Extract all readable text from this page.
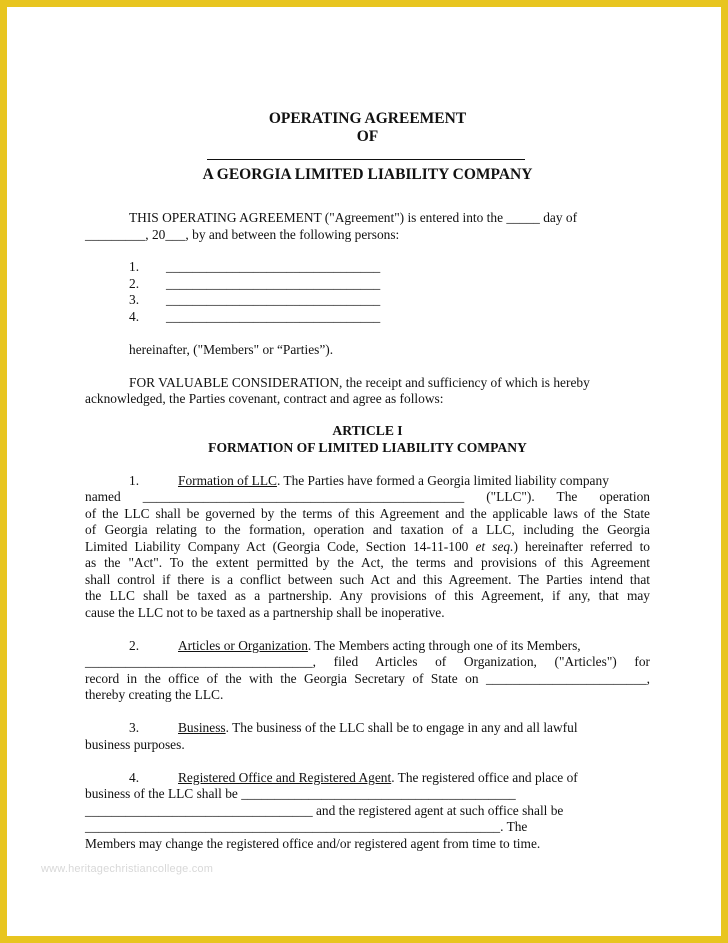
OPERATING AGREEMENT
OF
A GEORGIA LIMITED LIABILITY COMPANY
THIS OPERATING AGREEMENT ("Agreement") is entered into the _____ day of
_________, 20___, by and between the following persons:
1. ________________________________
2. ________________________________
3. ________________________________
4. ________________________________
hereinafter, ("Members" or “Parties”).
FOR VALUABLE CONSIDERATION, the receipt and sufficiency of which is hereby
acknowledged, the Parties covenant, contract and agree as follows:
ARTICLE I
FORMATION OF LIMITED LIABILITY COMPANY
1.	Formation of LLC. The Parties have formed a Georgia limited liability company
named ________________________________________________ ("LLC"). The operation
of the LLC shall be governed by the terms of this Agreement and the applicable laws of the State
of Georgia relating to the formation, operation and taxation of a LLC, including the Georgia
Limited Liability Company Act (Georgia Code, Section 14-11-100 et seq.) hereinafter referred to
as the "Act". To the extent permitted by the Act, the terms and provisions of this Agreement
shall control if there is a conflict between such Act and this Agreement. The Parties intend that
the LLC shall be taxed as a partnership. Any provisions of this Agreement, if any, that may
cause the LLC not to be taxed as a partnership shall be inoperative.
2.	Articles or Organization. The Members acting through one of its Members,
__________________________________, filed Articles of Organization, ("Articles") for
record in the office of the with the Georgia Secretary of State on ________________________,
thereby creating the LLC.
3.	Business. The business of the LLC shall be to engage in any and all lawful
business purposes.
4.	Registered Office and Registered Agent. The registered office and place of
business of the LLC shall be _________________________________________
__________________________________ and the registered agent at such office shall be
______________________________________________________________. The
Members may change the registered office and/or registered agent from time to time.
www.heritagechristiancollege.com
